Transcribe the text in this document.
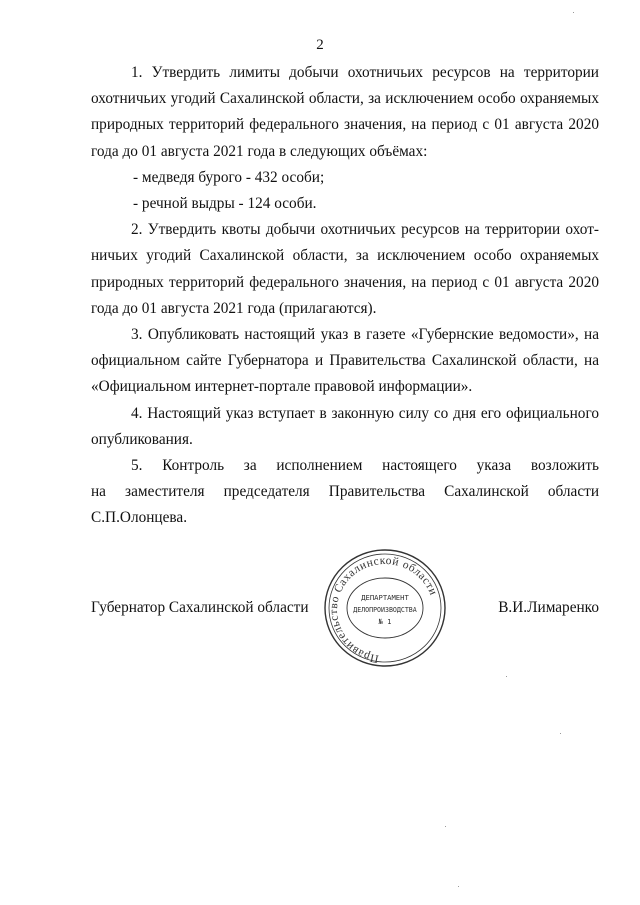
2

1. Утвердить лимиты добычи охотничьих ресурсов на территории охотничьих угодий Сахалинской области, за исключением особо охраняемых природных территорий федерального значения, на период с 01 августа 2020 года до 01 августа 2021 года в следующих объёмах:

- медведя бурого - 432 особи;

- речной выдры - 124 особи.

2. Утвердить квоты добычи охотничьих ресурсов на территории охотничьих угодий Сахалинской области, за исключением особо охраняемых природных территорий федерального значения, на период с 01 августа 2020 года до 01 августа 2021 года (прилагаются).

3. Опубликовать настоящий указ в газете «Губернские ведомости», на официальном сайте Губернатора и Правительства Сахалинской области, на «Официальном интернет-портале правовой информации».

4. Настоящий указ вступает в законную силу со дня его официального опубликования.

5. Контроль за исполнением настоящего указа возложить

на заместителя председателя Правительства Сахалинской области

С.П.Олонцева.

Губернатор Сахалинской области	В.И.Лимаренко
Правительство Сахалинской области
ДЕПАРТАМЕНТ
ДЕЛОПРОИЗВОДСТВА
№ 1
